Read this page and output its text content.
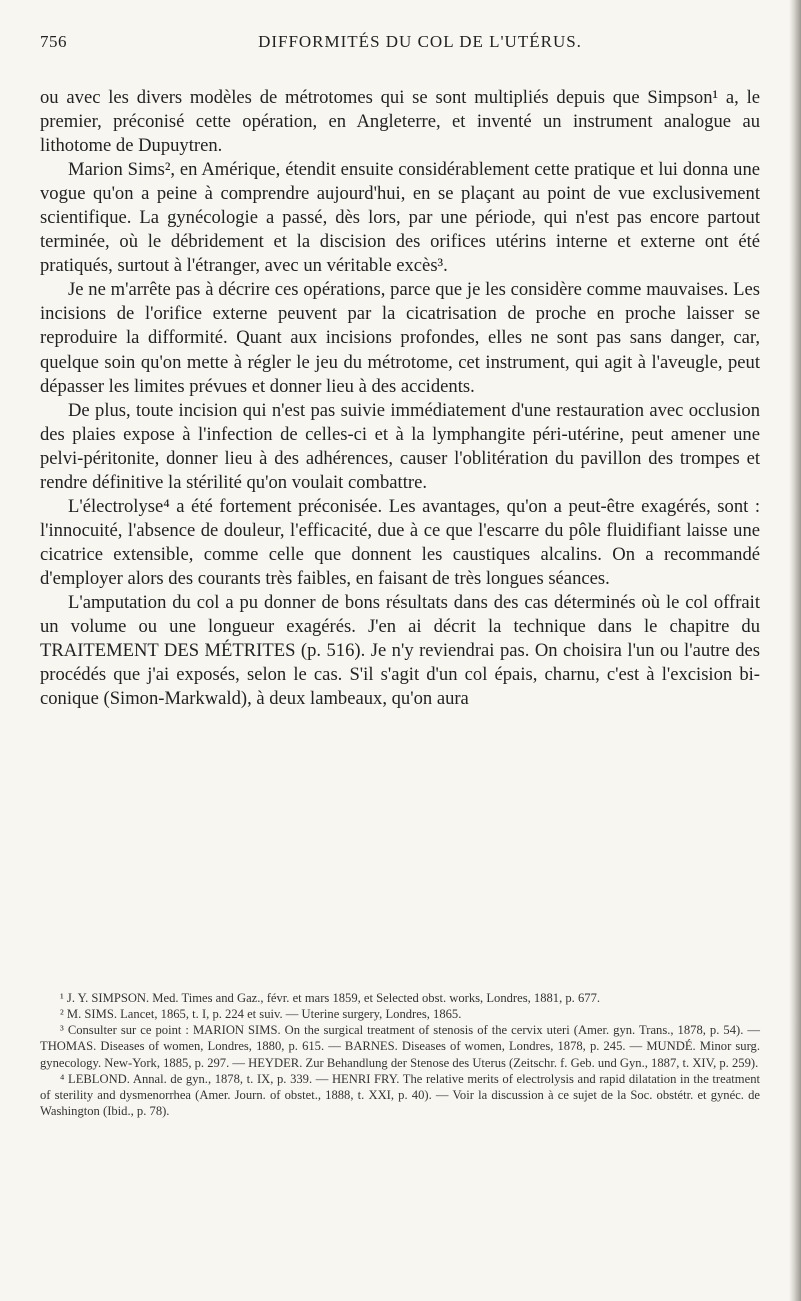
756	DIFFORMITÉS DU COL DE L'UTÉRUS.

ou avec les divers modèles de métrotomes qui se sont multipliés depuis que Simpson¹ a, le premier, préconisé cette opération, en Angleterre, et inventé un instrument analogue au lithotome de Dupuytren.

Marion Sims², en Amérique, étendit ensuite considérablement cette pratique et lui donna une vogue qu'on a peine à comprendre aujourd'hui, en se plaçant au point de vue exclusivement scientifique. La gynécologie a passé, dès lors, par une période, qui n'est pas encore partout terminée, où le débridement et la discision des orifices utérins interne et externe ont été pratiqués, surtout à l'étranger, avec un véritable excès³.

Je ne m'arrête pas à décrire ces opérations, parce que je les considère comme mauvaises. Les incisions de l'orifice externe peuvent par la cicatrisation de proche en proche laisser se reproduire la difformité. Quant aux incisions profondes, elles ne sont pas sans danger, car, quelque soin qu'on mette à régler le jeu du métrotome, cet instrument, qui agit à l'aveugle, peut dépasser les limites prévues et donner lieu à des accidents.

De plus, toute incision qui n'est pas suivie immédiatement d'une restauration avec occlusion des plaies expose à l'infection de celles-ci et à la lymphangite péri-utérine, peut amener une pelvi-péritonite, donner lieu à des adhérences, causer l'oblitération du pavillon des trompes et rendre définitive la stérilité qu'on voulait combattre.

L'électrolyse⁴ a été fortement préconisée. Les avantages, qu'on a peut-être exagérés, sont : l'innocuité, l'absence de douleur, l'efficacité, due à ce que l'escarre du pôle fluidifiant laisse une cicatrice extensible, comme celle que donnent les caustiques alcalins. On a recommandé d'employer alors des courants très faibles, en faisant de très longues séances.

L'amputation du col a pu donner de bons résultats dans des cas déterminés où le col offrait un volume ou une longueur exagérés. J'en ai décrit la technique dans le chapitre du TRAITEMENT DES MÉTRITES (p. 516). Je n'y reviendrai pas. On choisira l'un ou l'autre des procédés que j'ai exposés, selon le cas. S'il s'agit d'un col épais, charnu, c'est à l'excision bi-conique (Simon-Markwald), à deux lambeaux, qu'on aura

¹ J. Y. SIMPSON. Med. Times and Gaz., févr. et mars 1859, et Selected obst. works, Londres, 1881, p. 677.

² M. SIMS. Lancet, 1865, t. I, p. 224 et suiv. — Uterine surgery, Londres, 1865.

³ Consulter sur ce point : MARION SIMS. On the surgical treatment of stenosis of the cervix uteri (Amer. gyn. Trans., 1878, p. 54). — THOMAS. Diseases of women, Londres, 1880, p. 615. — BARNES. Diseases of women, Londres, 1878, p. 245. — MUNDÉ. Minor surg. gynecology. New-York, 1885, p. 297. — HEYDER. Zur Behandlung der Stenose des Uterus (Zeitschr. f. Geb. und Gyn., 1887, t. XIV, p. 259).

⁴ LEBLOND. Annal. de gyn., 1878, t. IX, p. 339. — HENRI FRY. The relative merits of electrolysis and rapid dilatation in the treatment of sterility and dysmenorrhea (Amer. Journ. of obstet., 1888, t. XXI, p. 40). — Voir la discussion à ce sujet de la Soc. obstétr. et gynéc. de Washington (Ibid., p. 78).
